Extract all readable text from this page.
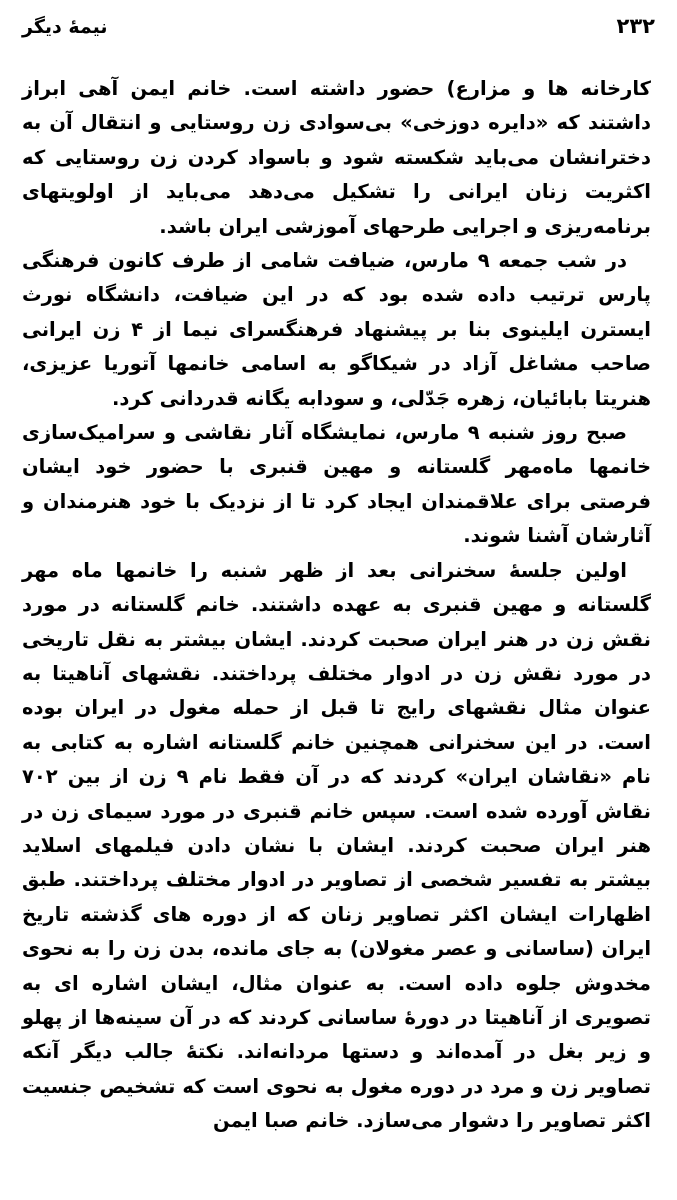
۲۳۲
نیمهٔ دیگر

کارخانه ها و مزارع) حضور داشته است. خانم ایمن آهی ابراز داشتند که «دایره دوزخی» بی‌سوادی زن روستایی و انتقال آن به دخترانشان می‌باید شکسته شود و باسواد کردن زن روستایی که اکثریت زنان ایرانی را تشکیل می‌دهد می‌باید از اولویتهای برنامه‌ریزی و اجرایی طرحهای آموزشی ایران باشد.

در شب جمعه ۹ مارس، ضیافت شامی از طرف کانون فرهنگی پارس ترتیب داده شده بود که در این ضیافت، دانشگاه نورث ایسترن ایلینوی بنا بر پیشنهاد فرهنگسرای نیما از ۴ زن ایرانی صاحب مشاغل آزاد در شیکاگو به اسامی خانمها آتوریا عزیزی، هنریتا بابائیان، زهره جَدّلی، و سودابه یگانه قدردانی کرد.

صبح روز شنبه ۹ مارس، نمایشگاه آثار نقاشی و سرامیک‌سازی خانمها ماه‌مهر گلستانه و مهین قنبری با حضور خود ایشان فرصتی برای علاقمندان ایجاد کرد تا از نزدیک با خود هنرمندان و آثارشان آشنا شوند.

اولین جلسهٔ سخنرانی بعد از ظهر شنبه را خانمها ماه مهر گلستانه و مهین قنبری به عهده داشتند. خانم گلستانه در مورد نقش زن در هنر ایران صحبت کردند. ایشان بیشتر به نقل تاریخی در مورد نقش زن در ادوار مختلف پرداختند. نقشهای آناهیتا به عنوان مثال نقشهای رایج تا قبل از حمله مغول در ایران بوده است. در این سخنرانی همچنین خانم گلستانه اشاره به کتابی به نام «نقاشان ایران» کردند که در آن فقط نام ۹ زن از بین ۷۰۲ نقاش آورده شده است. سپس خانم قنبری در مورد سیمای زن در هنر ایران صحبت کردند. ایشان با نشان دادن فیلمهای اسلاید بیشتر به تفسیر شخصی از تصاویر در ادوار مختلف پرداختند. طبق اظهارات ایشان اکثر تصاویر زنان که از دوره های گذشته تاریخ ایران (ساسانی و عصر مغولان) به جای مانده، بدن زن را به نحوی مخدوش جلوه داده است. به عنوان مثال، ایشان اشاره ای به تصویری از آناهیتا در دورهٔ ساسانی کردند که در آن سینه‌ها از پهلو و زیر بغل در آمده‌اند و دستها مردانه‌اند. نکتهٔ جالب دیگر آنکه تصاویر زن و مرد در دوره مغول به نحوی است که تشخیص جنسیت اکثر تصاویر را دشوار می‌سازد. خانم صبا ایمن
